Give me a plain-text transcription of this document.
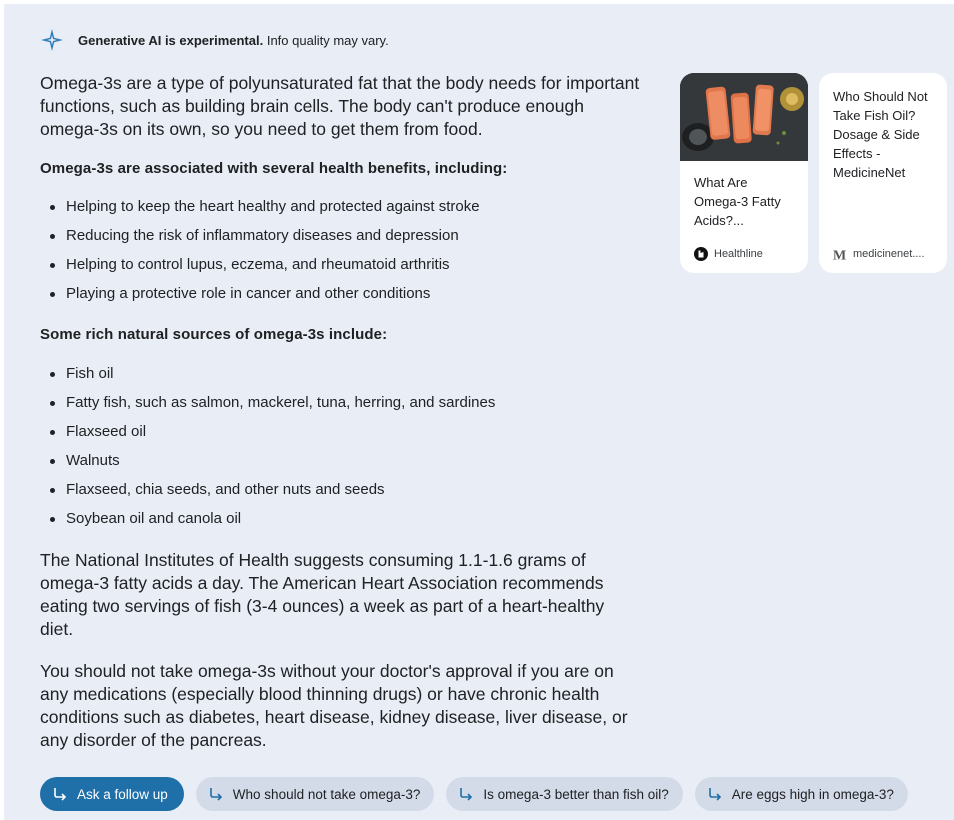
Generative AI is experimental. Info quality may vary.

Omega-3s are a type of polyunsaturated fat that the body needs for important functions, such as building brain cells. The body can't produce enough omega-3s on its own, so you need to get them from food.

Omega-3s are associated with several health benefits, including:

Helping to keep the heart healthy and protected against stroke
Reducing the risk of inflammatory diseases and depression
Helping to control lupus, eczema, and rheumatoid arthritis
Playing a protective role in cancer and other conditions

Some rich natural sources of omega-3s include:

Fish oil
Fatty fish, such as salmon, mackerel, tuna, herring, and sardines
Flaxseed oil
Walnuts
Flaxseed, chia seeds, and other nuts and seeds
Soybean oil and canola oil

The National Institutes of Health suggests consuming 1.1-1.6 grams of omega-3 fatty acids a day. The American Heart Association recommends eating two servings of fish (3-4 ounces) a week as part of a heart-healthy diet.

You should not take omega-3s without your doctor's approval if you are on any medications (especially blood thinning drugs) or have chronic health conditions such as diabetes, heart disease, kidney disease, liver disease, or any disorder of the pancreas.

What Are Omega-3 Fatty Acids?...
Healthline
Who Should Not Take Fish Oil? Dosage & Side Effects - MedicineNet
M medicinenet....
Ask a follow up	Who should not take omega-3?	Is omega-3 better than fish oil?	Are eggs high in omega-3?
